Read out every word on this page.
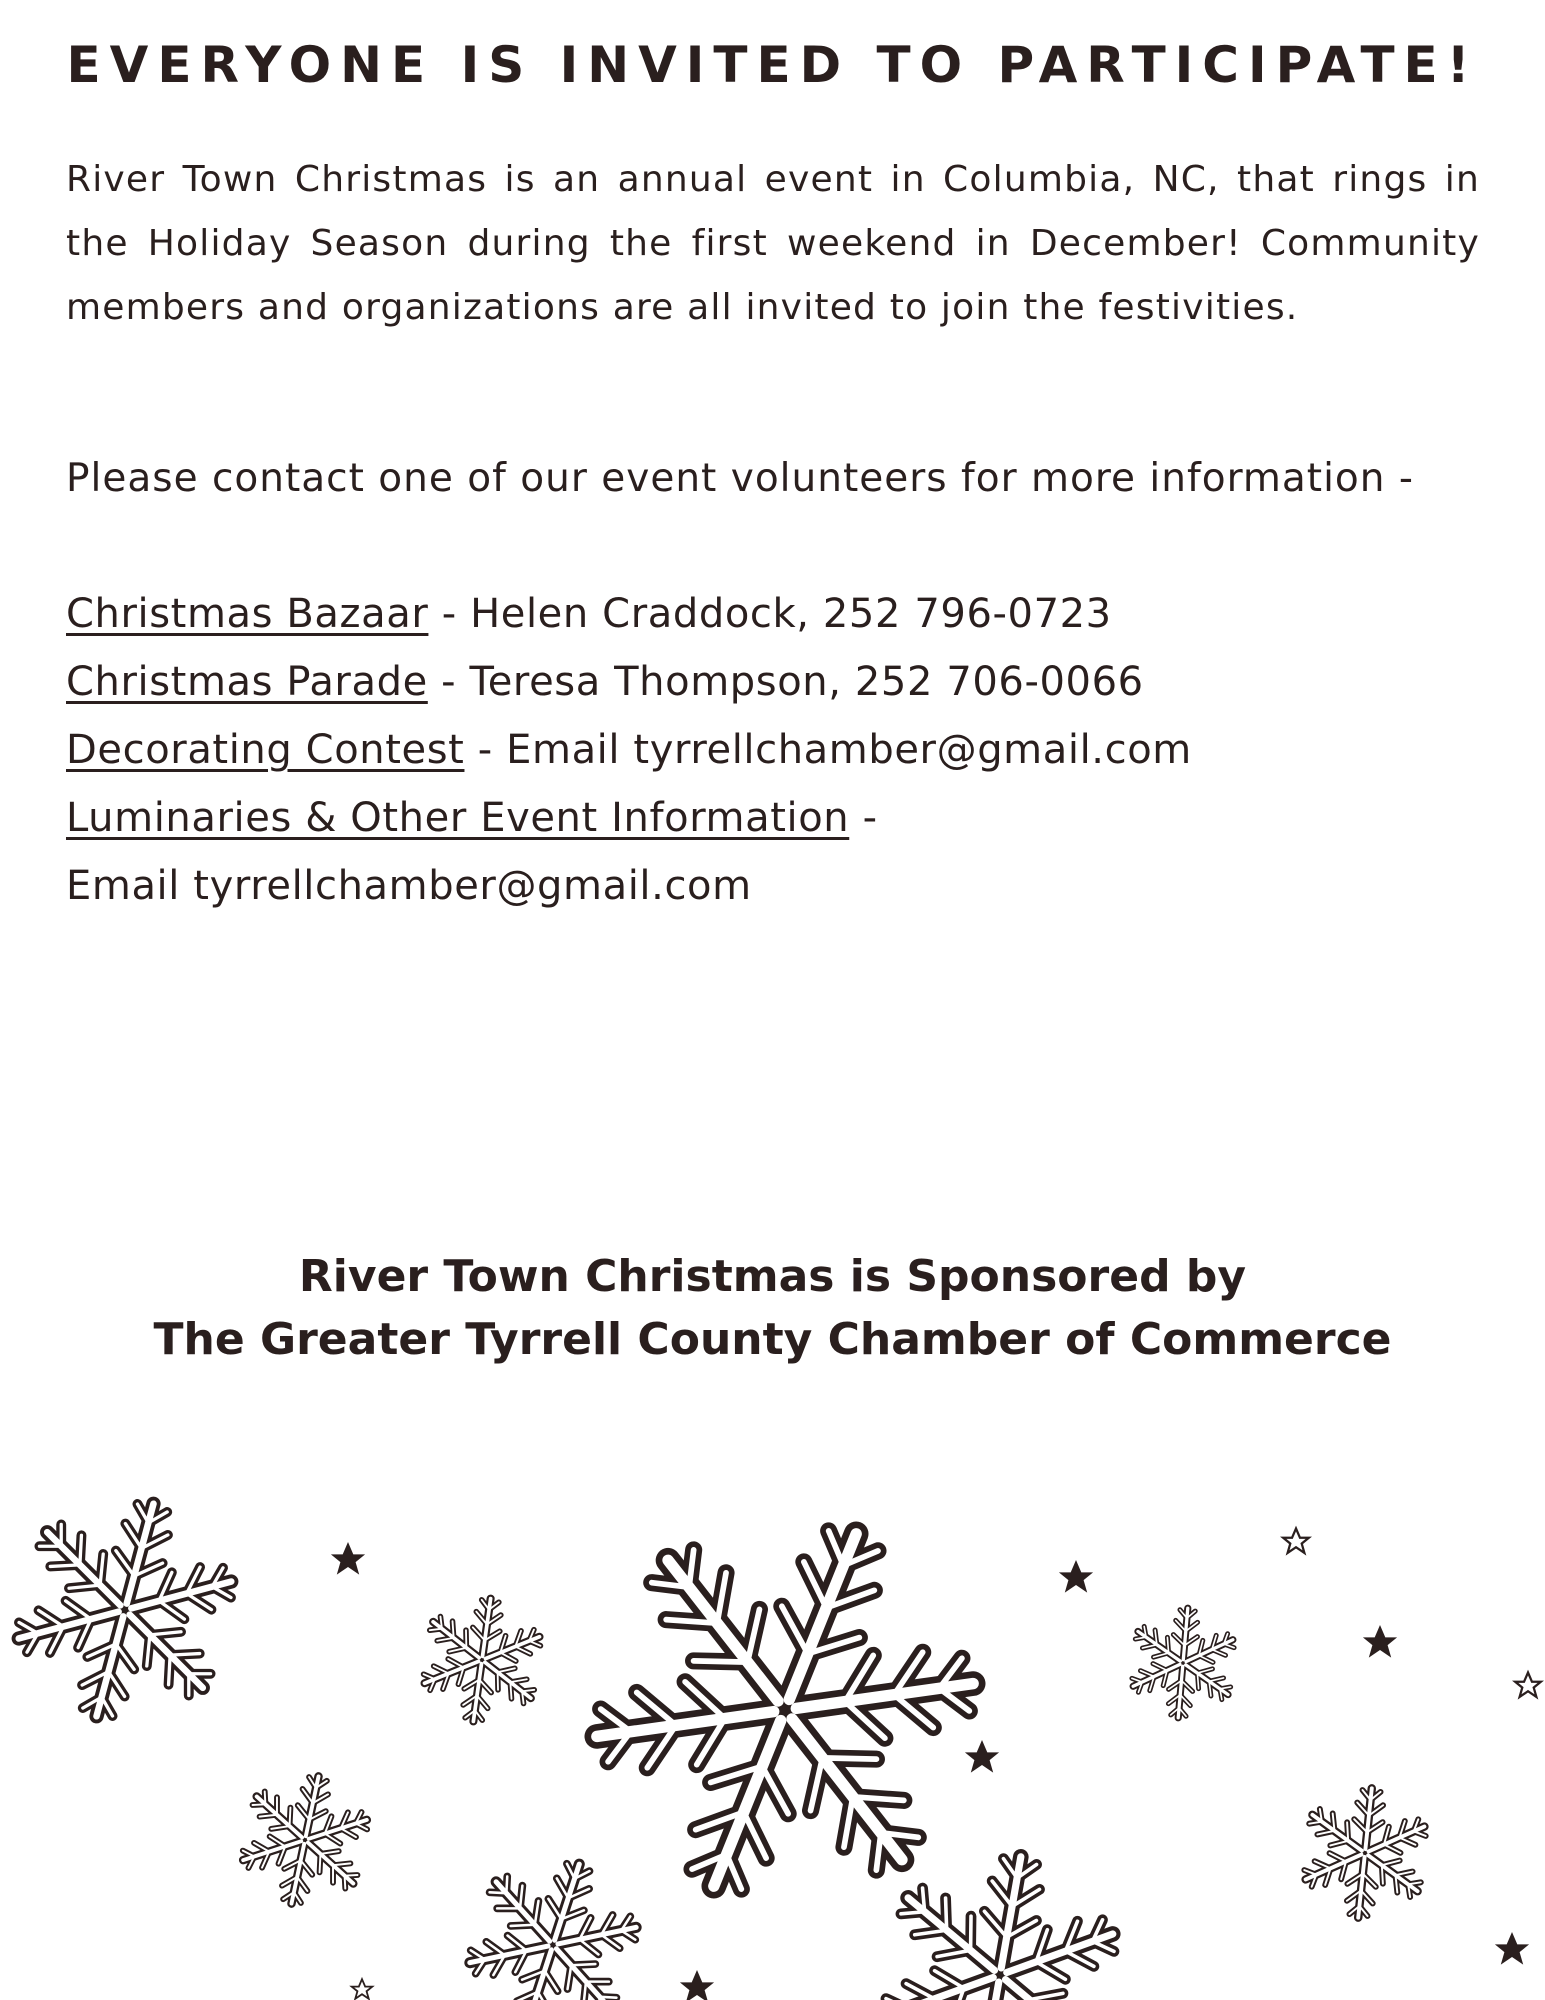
EVERYONE IS INVITED TO PARTICIPATE!

River Town Christmas is an annual event in Columbia, NC, that rings in the Holiday Season during the first weekend in December! Community members and organizations are all invited to join the festivities.

Please contact one of our event volunteers for more information -

Christmas Bazaar - Helen Craddock, 252 796-0723
Christmas Parade - Teresa Thompson, 252 706-0066
Decorating Contest - Email tyrrellchamber@gmail.com
Luminaries & Other Event Information -
Email tyrrellchamber@gmail.com
River Town Christmas is Sponsored by
The Greater Tyrrell County Chamber of Commerce
